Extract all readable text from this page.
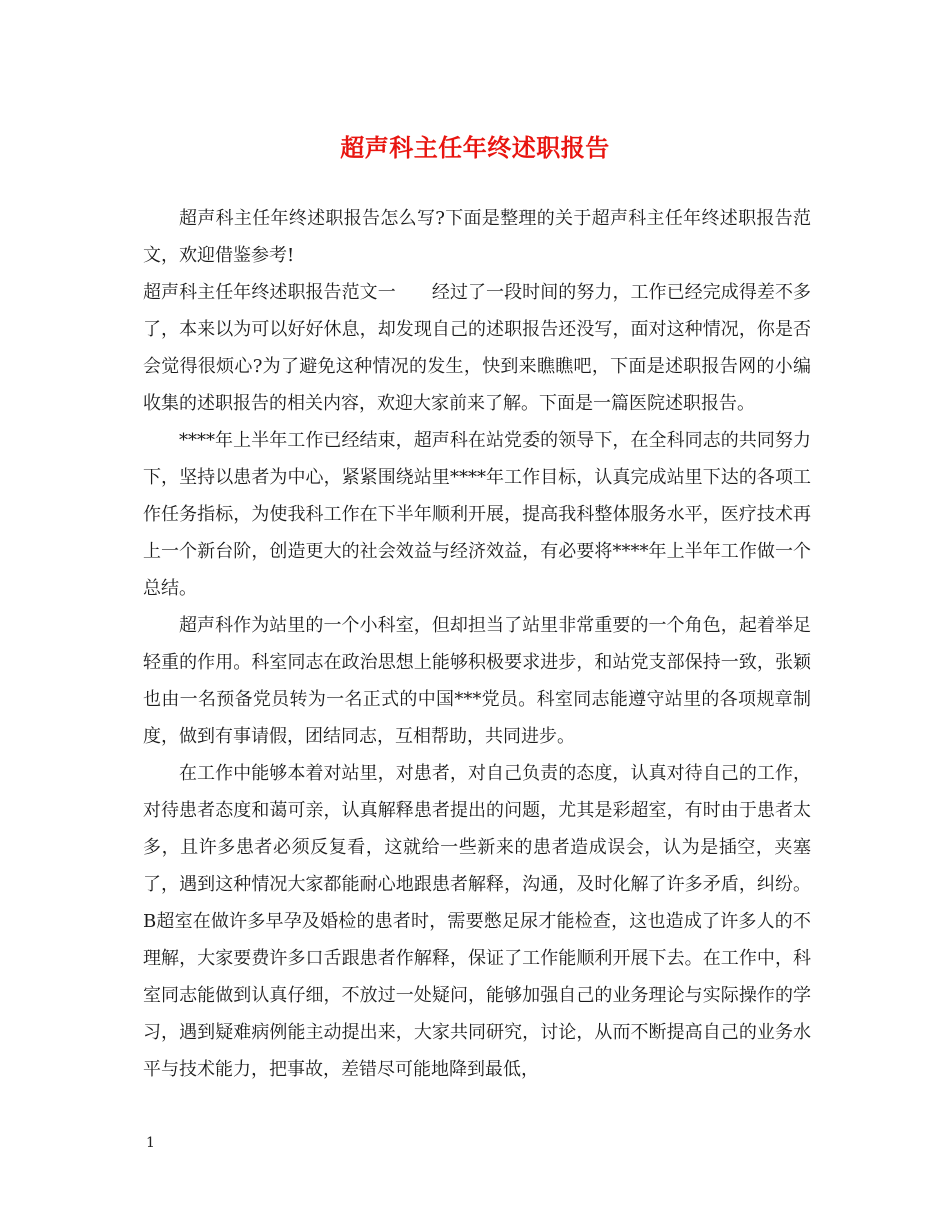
超声科主任年终述职报告

超声科主任年终述职报告怎么写?下面是整理的关于超声科主任年终述职报告范文，欢迎借鉴参考!

超声科主任年终述职报告范文一　　经过了一段时间的努力，工作已经完成得差不多了，本来以为可以好好休息，却发现自己的述职报告还没写，面对这种情况，你是否会觉得很烦心?为了避免这种情况的发生，快到来瞧瞧吧，下面是述职报告网的小编收集的述职报告的相关内容，欢迎大家前来了解。下面是一篇医院述职报告。

****年上半年工作已经结束，超声科在站党委的领导下，在全科同志的共同努力下，坚持以患者为中心，紧紧围绕站里****年工作目标，认真完成站里下达的各项工作任务指标，为使我科工作在下半年顺利开展，提高我科整体服务水平，医疗技术再上一个新台阶，创造更大的社会效益与经济效益，有必要将****年上半年工作做一个总结。

超声科作为站里的一个小科室，但却担当了站里非常重要的一个角色，起着举足轻重的作用。科室同志在政治思想上能够积极要求进步，和站党支部保持一致，张颖也由一名预备党员转为一名正式的中国***党员。科室同志能遵守站里的各项规章制度，做到有事请假，团结同志，互相帮助，共同进步。

在工作中能够本着对站里，对患者，对自己负责的态度，认真对待自己的工作，对待患者态度和蔼可亲，认真解释患者提出的问题，尤其是彩超室，有时由于患者太多，且许多患者必须反复看，这就给一些新来的患者造成误会，认为是插空，夹塞了，遇到这种情况大家都能耐心地跟患者解释，沟通，及时化解了许多矛盾，纠纷。B超室在做许多早孕及婚检的患者时，需要憋足尿才能检查，这也造成了许多人的不理解，大家要费许多口舌跟患者作解释，保证了工作能顺利开展下去。在工作中，科室同志能做到认真仔细，不放过一处疑问，能够加强自己的业务理论与实际操作的学习，遇到疑难病例能主动提出来，大家共同研究，讨论，从而不断提高自己的业务水平与技术能力，把事故，差错尽可能地降到最低，

1
